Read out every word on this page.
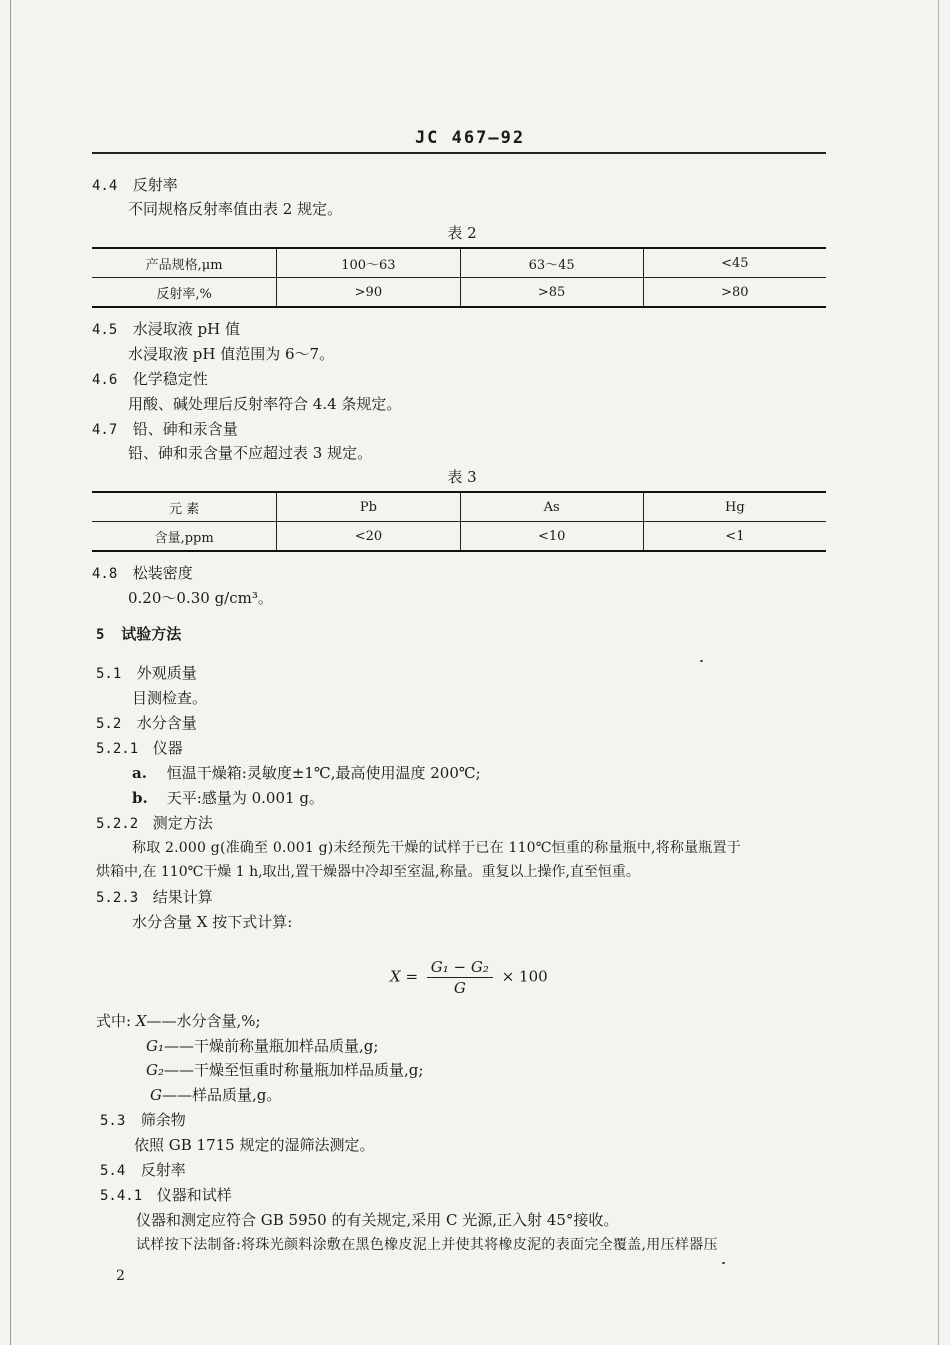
JC 467—92
4.4 反射率
不同规格反射率值由表 2 规定。
表 2
产品规格,μm	100～63	63～45	<45
反射率,%	>90	>85	>80
4.5 水浸取液 pH 值
水浸取液 pH 值范围为 6～7。
4.6 化学稳定性
用酸、碱处理后反射率符合 4.4 条规定。
4.7 铅、砷和汞含量
铅、砷和汞含量不应超过表 3 规定。
表 3
元 素	Pb	As	Hg
含量,ppm	<20	<10	<1
4.8 松装密度
0.20～0.30 g/cm³。
5 试验方法
5.1 外观质量
目测检查。
5.2 水分含量
5.2.1 仪器
a. 恒温干燥箱:灵敏度±1℃,最高使用温度 200℃;
b. 天平:感量为 0.001 g。
5.2.2 测定方法
称取 2.000 g(准确至 0.001 g)未经预先干燥的试样于已在 110℃恒重的称量瓶中,将称量瓶置于
烘箱中,在 110℃干燥 1 h,取出,置干燥器中冷却至室温,称量。重复以上操作,直至恒重。
5.2.3 结果计算
水分含量 X 按下式计算:
$X = \frac{\text{G₁ − G₂}}{G} \times 100$
式中: X——水分含量,%;
G₁——干燥前称量瓶加样品质量,g;
G₂——干燥至恒重时称量瓶加样品质量,g;
G——样品质量,g。
5.3 筛余物
依照 GB 1715 规定的湿筛法测定。
5.4 反射率
5.4.1 仪器和试样
仪器和测定应符合 GB 5950 的有关规定,采用 C 光源,正入射 45°接收。
试样按下法制备:将珠光颜料涂敷在黑色橡皮泥上并使其将橡皮泥的表面完全覆盖,用压样器压
2
